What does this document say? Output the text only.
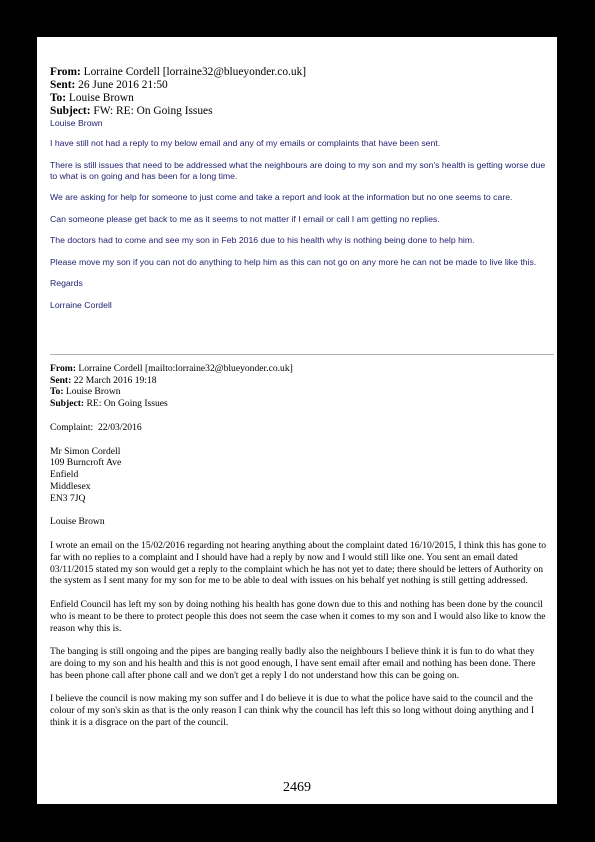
From: Lorraine Cordell [lorraine32@blueyonder.co.uk]
Sent: 26 June 2016 21:50
To: Louise Brown
Subject: FW: RE: On Going Issues

Louise Brown

I have still not had a reply to my below email and any of my emails or complaints that have been sent.

There is still issues that need to be addressed what the neighbours are doing to my son and my son's health is getting worse due to what is on going and has been for a long time.

We are asking for help for someone to just come and take a report and look at the information but no one seems to care.

Can someone please get back to me as it seems to not matter if I email or call I am getting no replies.

The doctors had to come and see my son in Feb 2016 due to his health why is nothing being done to help him.

Please move my son if you can not do anything to help him as this can not go on any more he can not be made to live like this.

Regards

Lorraine Cordell

From: Lorraine Cordell [mailto:lorraine32@blueyonder.co.uk]
Sent: 22 March 2016 19:18
To: Louise Brown
Subject: RE: On Going Issues

Complaint:  22/03/2016

Mr Simon Cordell
109 Burncroft Ave
Enfield
Middlesex
EN3 7JQ

Louise Brown

I wrote an email on the 15/02/2016 regarding not hearing anything about the complaint dated 16/10/2015, I think this has gone to far with no replies to a complaint and I should have had a reply by now and I would still like one. You sent an email dated 03/11/2015 stated my son would get a reply to the complaint which he has not yet to date; there should be letters of Authority on the system as I sent many for my son for me to be able to deal with issues on his behalf yet nothing is still getting addressed.

Enfield Council has left my son by doing nothing his health has gone down due to this and nothing has been done by the council who is meant to be there to protect people this does not seem the case when it comes to my son and I would also like to know the reason why this is.

The banging is still ongoing and the pipes are banging really badly also the neighbours I believe think it is fun to do what they are doing to my son and his health and this is not good enough, I have sent email after email and nothing has been done. There has been phone call after phone call and we don't get a reply I do not understand how this can be going on.

I believe the council is now making my son suffer and I do believe it is due to what the police have said to the council and the colour of my son's skin as that is the only reason I can think why the council has left this so long without doing anything and I think it is a disgrace on the part of the council.

2469
